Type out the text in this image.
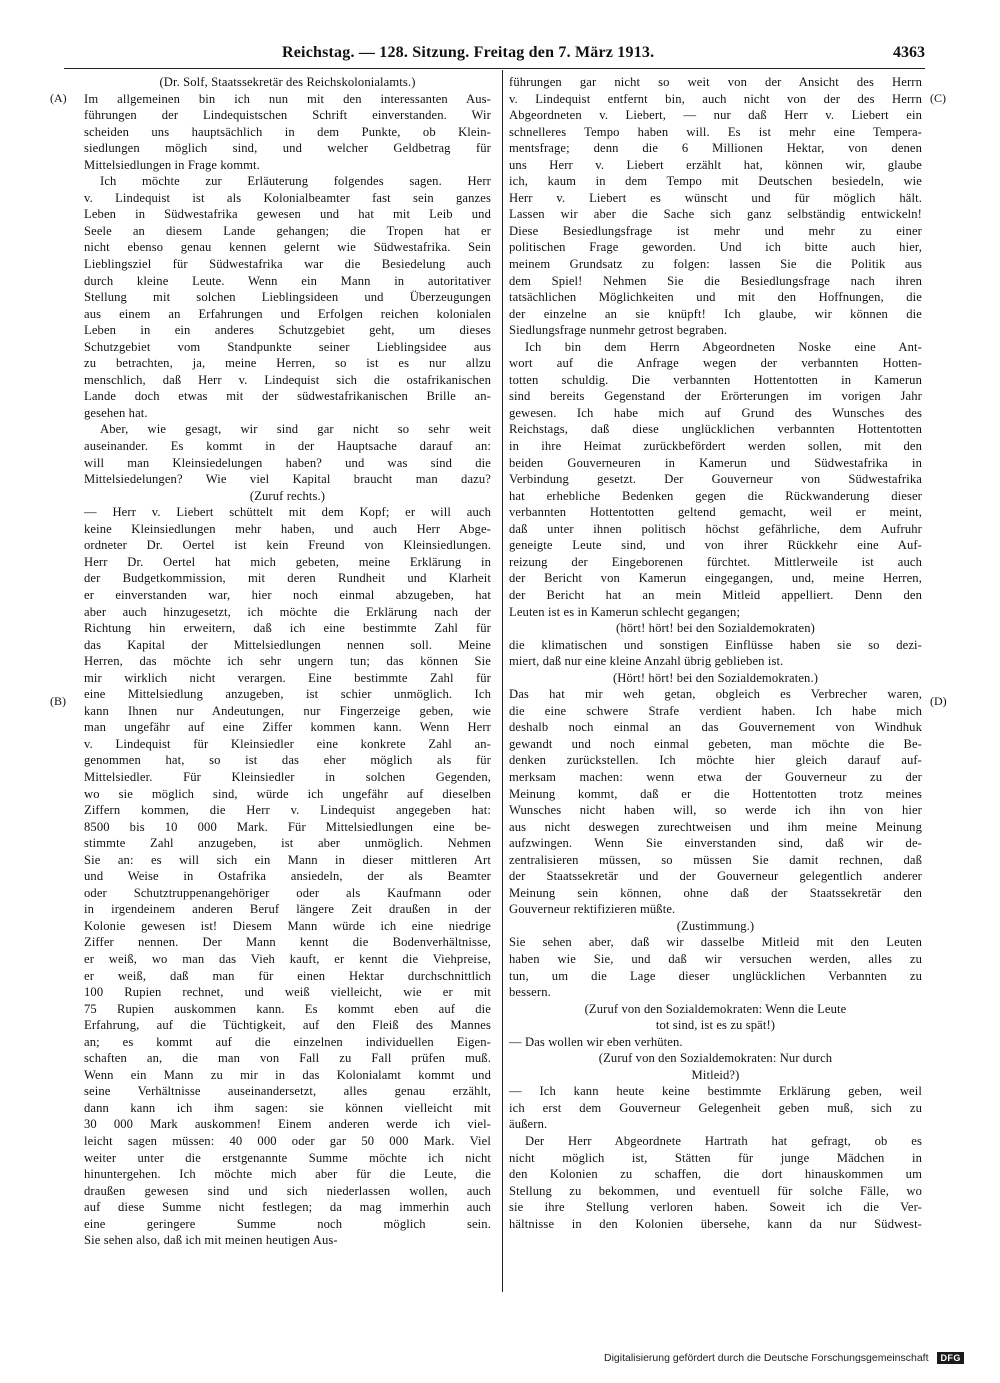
Reichstag. — 128. Sitzung. Freitag den 7. März 1913.	4363
(A)
(B)
(C)
(D)
(Dr. Solf, Staatssekretär des Reichskolonialamts.)
Im allgemeinen bin ich nun mit den interessanten Aus-
führungen der Lindequistschen Schrift einverstanden. Wir
scheiden uns hauptsächlich in dem Punkte, ob Klein-
siedlungen möglich sind, und welcher Geldbetrag für
Mittelsiedlungen in Frage kommt.
Ich möchte zur Erläuterung folgendes sagen. Herr
v. Lindequist ist als Kolonialbeamter fast sein ganzes
Leben in Südwestafrika gewesen und hat mit Leib und
Seele an diesem Lande gehangen; die Tropen hat er
nicht ebenso genau kennen gelernt wie Südwestafrika. Sein
Lieblingsziel für Südwestafrika war die Besiedelung auch
durch kleine Leute. Wenn ein Mann in autoritativer
Stellung mit solchen Lieblingsideen und Überzeugungen
aus einem an Erfahrungen und Erfolgen reichen kolonialen
Leben in ein anderes Schutzgebiet geht, um dieses
Schutzgebiet vom Standpunkte seiner Lieblingsidee aus
zu betrachten, ja, meine Herren, so ist es nur allzu
menschlich, daß Herr v. Lindequist sich die ostafrikanischen
Lande doch etwas mit der südwestafrikanischen Brille an-
gesehen hat.
Aber, wie gesagt, wir sind gar nicht so sehr weit
auseinander. Es kommt in der Hauptsache darauf an:
will man Kleinsiedelungen haben? und was sind die
Mittelsiedelungen? Wie viel Kapital braucht man dazu?
(Zuruf rechts.)
— Herr v. Liebert schüttelt mit dem Kopf; er will auch
keine Kleinsiedlungen mehr haben, und auch Herr Abge-
ordneter Dr. Oertel ist kein Freund von Kleinsiedlungen.
Herr Dr. Oertel hat mich gebeten, meine Erklärung in
der Budgetkommission, mit deren Rundheit und Klarheit
er einverstanden war, hier noch einmal abzugeben, hat
aber auch hinzugesetzt, ich möchte die Erklärung nach der
Richtung hin erweitern, daß ich eine bestimmte Zahl für
das Kapital der Mittelsiedlungen nennen soll. Meine
Herren, das möchte ich sehr ungern tun; das können Sie
mir wirklich nicht verargen. Eine bestimmte Zahl für
eine Mittelsiedlung anzugeben, ist schier unmöglich. Ich
kann Ihnen nur Andeutungen, nur Fingerzeige geben, wie
man ungefähr auf eine Ziffer kommen kann. Wenn Herr
v. Lindequist für Kleinsiedler eine konkrete Zahl an-
genommen hat, so ist das eher möglich als für
Mittelsiedler. Für Kleinsiedler in solchen Gegenden,
wo sie möglich sind, würde ich ungefähr auf dieselben
Ziffern kommen, die Herr v. Lindequist angegeben hat:
8500 bis 10 000 Mark. Für Mittelsiedlungen eine be-
stimmte Zahl anzugeben, ist aber unmöglich. Nehmen
Sie an: es will sich ein Mann in dieser mittleren Art
und Weise in Ostafrika ansiedeln, der als Beamter
oder Schutztruppenangehöriger oder als Kaufmann oder
in irgendeinem anderen Beruf längere Zeit draußen in der
Kolonie gewesen ist! Diesem Mann würde ich eine niedrige
Ziffer nennen. Der Mann kennt die Bodenverhältnisse,
er weiß, wo man das Vieh kauft, er kennt die Viehpreise,
er weiß, daß man für einen Hektar durchschnittlich
100 Rupien rechnet, und weiß vielleicht, wie er mit
75 Rupien auskommen kann. Es kommt eben auf die
Erfahrung, auf die Tüchtigkeit, auf den Fleiß des Mannes
an; es kommt auf die einzelnen individuellen Eigen-
schaften an, die man von Fall zu Fall prüfen muß.
Wenn ein Mann zu mir in das Kolonialamt kommt und
seine Verhältnisse auseinandersetzt, alles genau erzählt,
dann kann ich ihm sagen: sie können vielleicht mit
30 000 Mark auskommen! Einem anderen werde ich viel-
leicht sagen müssen: 40 000 oder gar 50 000 Mark. Viel
weiter unter die erstgenannte Summe möchte ich nicht
hinuntergehen. Ich möchte mich aber für die Leute, die
draußen gewesen sind und sich niederlassen wollen, auch
auf diese Summe nicht festlegen; da mag immerhin auch
eine geringere Summe noch möglich sein.
Sie sehen also, daß ich mit meinen heutigen Aus-
führungen gar nicht so weit von der Ansicht des Herrn
v. Lindequist entfernt bin, auch nicht von der des Herrn
Abgeordneten v. Liebert, — nur daß Herr v. Liebert ein
schnelleres Tempo haben will. Es ist mehr eine Tempera-
mentsfrage; denn die 6 Millionen Hektar, von denen
uns Herr v. Liebert erzählt hat, können wir, glaube
ich, kaum in dem Tempo mit Deutschen besiedeln, wie
Herr v. Liebert es wünscht und für möglich hält.
Lassen wir aber die Sache sich ganz selbständig entwickeln!
Diese Besiedlungsfrage ist mehr und mehr zu einer
politischen Frage geworden. Und ich bitte auch hier,
meinem Grundsatz zu folgen: lassen Sie die Politik aus
dem Spiel! Nehmen Sie die Besiedlungsfrage nach ihren
tatsächlichen Möglichkeiten und mit den Hoffnungen, die
der einzelne an sie knüpft! Ich glaube, wir können die
Siedlungsfrage nunmehr getrost begraben.
Ich bin dem Herrn Abgeordneten Noske eine Ant-
wort auf die Anfrage wegen der verbannten Hotten-
totten schuldig. Die verbannten Hottentotten in Kamerun
sind bereits Gegenstand der Erörterungen im vorigen Jahr
gewesen. Ich habe mich auf Grund des Wunsches des
Reichstags, daß diese unglücklichen verbannten Hottentotten
in ihre Heimat zurückbefördert werden sollen, mit den
beiden Gouverneuren in Kamerun und Südwestafrika in
Verbindung gesetzt. Der Gouverneur von Südwestafrika
hat erhebliche Bedenken gegen die Rückwanderung dieser
verbannten Hottentotten geltend gemacht, weil er meint,
daß unter ihnen politisch höchst gefährliche, dem Aufruhr
geneigte Leute sind, und von ihrer Rückkehr eine Auf-
reizung der Eingeborenen fürchtet. Mittlerweile ist auch
der Bericht von Kamerun eingegangen, und, meine Herren,
der Bericht hat an mein Mitleid appelliert. Denn den
Leuten ist es in Kamerun schlecht gegangen;
(hört! hört! bei den Sozialdemokraten)
die klimatischen und sonstigen Einflüsse haben sie so dezi-
miert, daß nur eine kleine Anzahl übrig geblieben ist.
(Hört! hört! bei den Sozialdemokraten.)
Das hat mir weh getan, obgleich es Verbrecher waren,
die eine schwere Strafe verdient haben. Ich habe mich
deshalb noch einmal an das Gouvernement von Windhuk
gewandt und noch einmal gebeten, man möchte die Be-
denken zurückstellen. Ich möchte hier gleich darauf auf-
merksam machen: wenn etwa der Gouverneur zu der
Meinung kommt, daß er die Hottentotten trotz meines
Wunsches nicht haben will, so werde ich ihn von hier
aus nicht deswegen zurechtweisen und ihm meine Meinung
aufzwingen. Wenn Sie einverstanden sind, daß wir de-
zentralisieren müssen, so müssen Sie damit rechnen, daß
der Staatssekretär und der Gouverneur gelegentlich anderer
Meinung sein können, ohne daß der Staatssekretär den
Gouverneur rektifizieren müßte.
(Zustimmung.)
Sie sehen aber, daß wir dasselbe Mitleid mit den Leuten
haben wie Sie, und daß wir versuchen werden, alles zu
tun, um die Lage dieser unglücklichen Verbannten zu
bessern.
(Zuruf von den Sozialdemokraten: Wenn die Leute
tot sind, ist es zu spät!)
— Das wollen wir eben verhüten.
(Zuruf von den Sozialdemokraten: Nur durch
Mitleid?)
— Ich kann heute keine bestimmte Erklärung geben, weil
ich erst dem Gouverneur Gelegenheit geben muß, sich zu
äußern.
Der Herr Abgeordnete Hartrath hat gefragt, ob es
nicht möglich ist, Stätten für junge Mädchen in
den Kolonien zu schaffen, die dort hinauskommen um
Stellung zu bekommen, und eventuell für solche Fälle, wo
sie ihre Stellung verloren haben. Soweit ich die Ver-
hältnisse in den Kolonien übersehe, kann da nur Südwest-
Digitalisierung gefördert durch die Deutsche Forschungsgemeinschaft DFG
